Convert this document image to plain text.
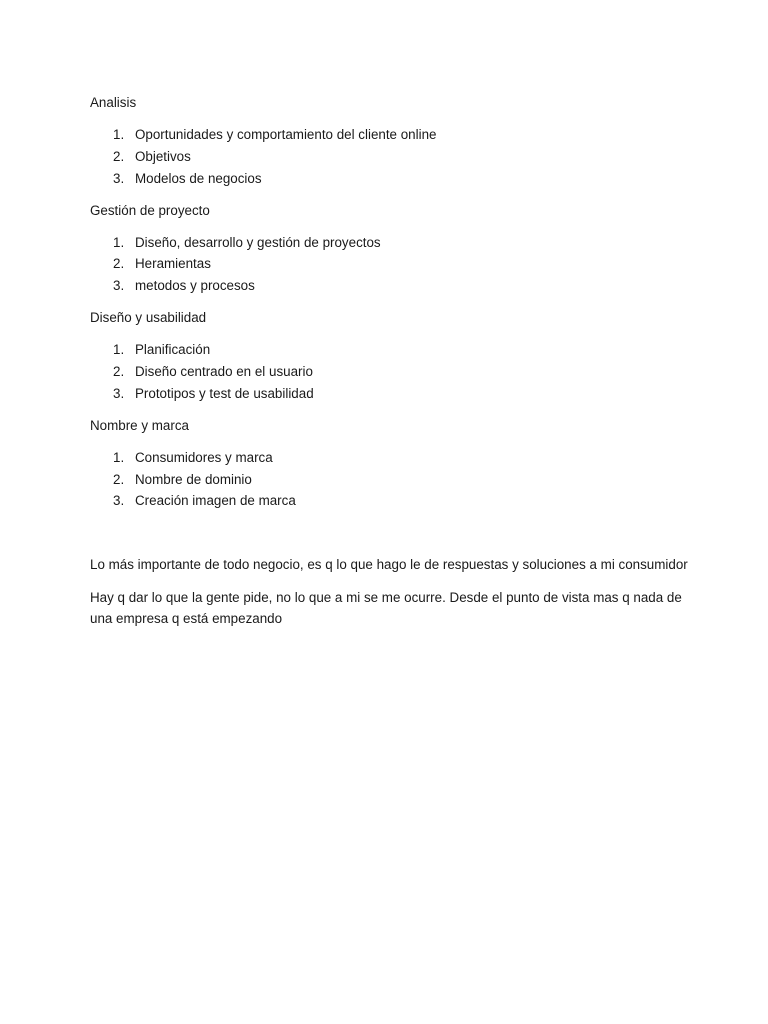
Analisis

1. Oportunidades y comportamiento del cliente online
2. Objetivos
3. Modelos de negocios

Gestión de proyecto

1. Diseño, desarrollo y gestión de proyectos
2. Heramientas
3. metodos y procesos

Diseño y usabilidad

1. Planificación
2. Diseño centrado en el usuario
3. Prototipos y test de usabilidad

Nombre y marca

1. Consumidores y marca
2. Nombre de dominio
3. Creación imagen de marca

Lo más importante de todo negocio, es q lo que hago le de respuestas y soluciones a mi consumidor

Hay q dar lo que la gente pide, no lo que a mi se me ocurre. Desde el punto de vista mas q nada de una empresa q está empezando
